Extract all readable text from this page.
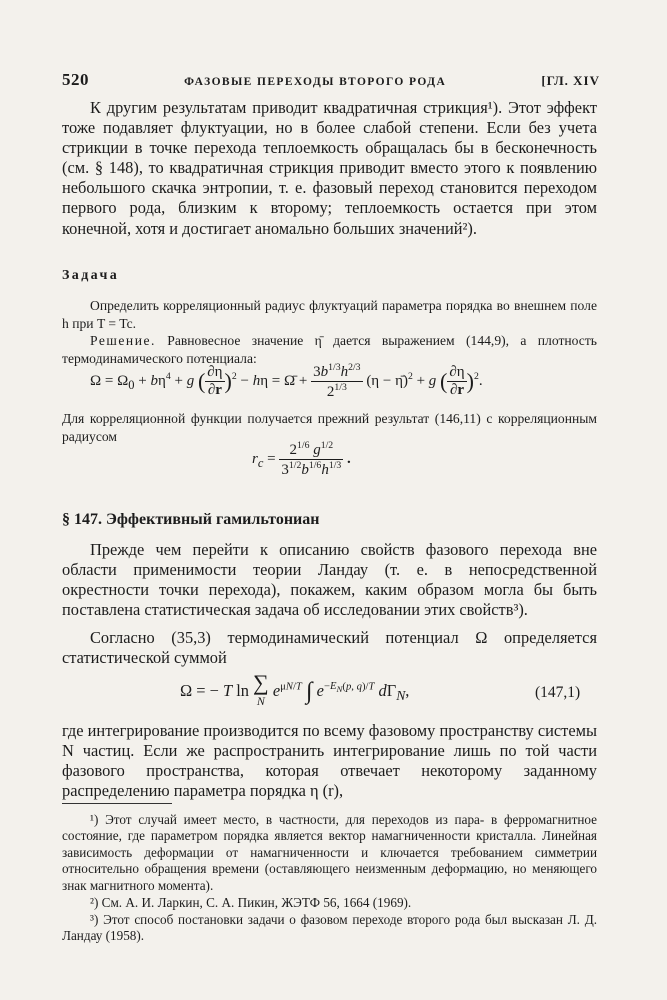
520	ФАЗОВЫЕ ПЕРЕХОДЫ ВТОРОГО РОДА	[ГЛ. XIV

К другим результатам приводит квадратичная стрикция¹). Этот эффект тоже подавляет флуктуации, но в более слабой степени. Если без учета стрикции в точке перехода теплоемкость обращалась бы в бесконечность (см. § 148), то квадратичная стрикция приводит вместо этого к появлению небольшого скачка энтропии, т. е. фазовый переход становится переходом первого рода, близким к второму; теплоемкость остается при этом конечной, хотя и достигает аномально больших значений²).

Задача

Определить корреляционный радиус флуктуаций параметра порядка во внешнем поле h при T = Tc.

Решение. Равновесное значение η̄ дается выражением (144,9), а плотность термодинамического потенциала:

$\Omega = \Omega_0 + b\eta^4 + g$ ( $\frac{\partial\eta}{\partial r} )^2 - h\eta$ = Ω̄ + $\frac{3b^{1/3}h^{2/3}}{2^{1/3}} (\eta$ − η̄)$^2$ + g ( $\frac{\partial\eta}{\partial r} )^2$.

Для корреляционной функции получается прежний результат (146,11) с корреляционным радиусом

$r_c = \frac{2^{1/6} g^{1/2}}{3^{1/2}b^{1/6}h^{1/3}}$ .
§ 147. Эффективный гамильтониан

Прежде чем перейти к описанию свойств фазового перехода вне области применимости теории Ландау (т. е. в непосредственной окрестности точки перехода), покажем, каким образом могла бы быть поставлена статистическая задача об исследовании этих свойств³).

Согласно (35,3) термодинамический потенциал Ω определяется статистической суммой

Ω = − T ln ∑
N $e^{\mu N/T}$ ∫ $e^{-E_N(p, q)/T}$ $d\Gamma_N$,	(147,1)

где интегрирование производится по всему фазовому пространству системы N частиц. Если же распространить интегрирование лишь по той части фазового пространства, которая отвечает некоторому заданному распределению параметра порядка η (r),

¹) Этот случай имеет место, в частности, для переходов из пара- в ферромагнитное состояние, где параметром порядка является вектор намагниченности кристалла. Линейная зависимость деформации от намагниченности и ключается требованием симметрии относительно обращения времени (оставляющего неизменным деформацию, но меняющего знак магнитного момента).

²) См. А. И. Ларкин, С. А. Пикин, ЖЭТФ 56, 1664 (1969).

³) Этот способ постановки задачи о фазовом переходе второго рода был высказан Л. Д. Ландау (1958).
